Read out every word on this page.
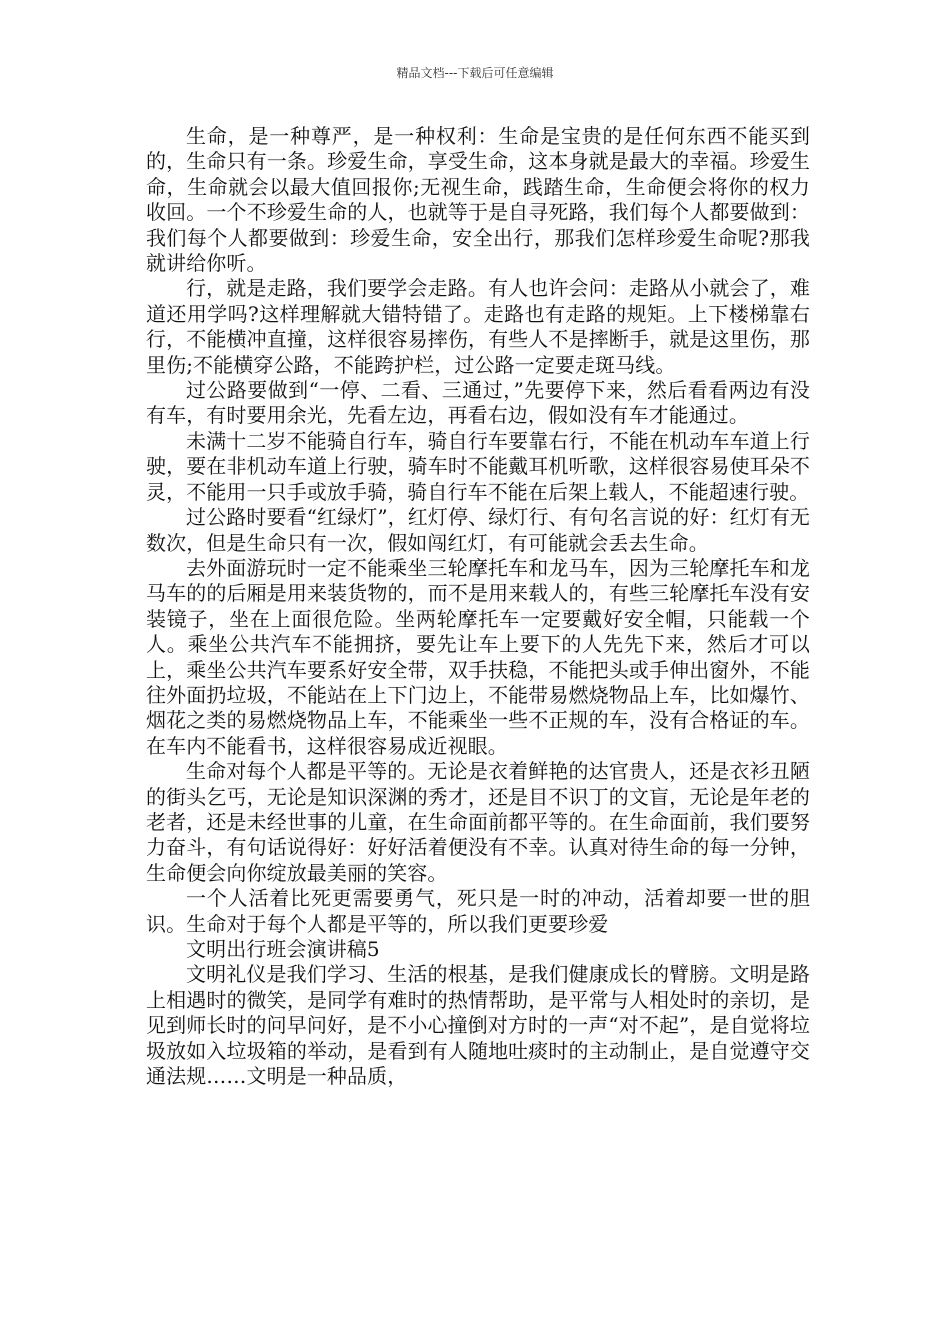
精品文档---下载后可任意编辑

生命，是一种尊严，是一种权利：生命是宝贵的是任何东西不能买到的，生命只有一条。珍爱生命，享受生命，这本身就是最大的幸福。珍爱生命，生命就会以最大值回报你;无视生命，践踏生命，生命便会将你的权力收回。一个不珍爱生命的人，也就等于是自寻死路，我们每个人都要做到：我们每个人都要做到：珍爱生命，安全出行，那我们怎样珍爱生命呢?那我就讲给你听。

行，就是走路，我们要学会走路。有人也许会问：走路从小就会了，难道还用学吗?这样理解就大错特错了。走路也有走路的规矩。上下楼梯靠右行，不能横冲直撞，这样很容易摔伤，有些人不是摔断手，就是这里伤，那里伤;不能横穿公路，不能跨护栏，过公路一定要走斑马线。

过公路要做到“一停、二看、三通过，”先要停下来，然后看看两边有没有车，有时要用余光，先看左边，再看右边，假如没有车才能通过。

未满十二岁不能骑自行车，骑自行车要靠右行，不能在机动车车道上行驶，要在非机动车道上行驶，骑车时不能戴耳机听歌，这样很容易使耳朵不灵，不能用一只手或放手骑，骑自行车不能在后架上载人，不能超速行驶。

过公路时要看“红绿灯”，红灯停、绿灯行、有句名言说的好：红灯有无数次，但是生命只有一次，假如闯红灯，有可能就会丢去生命。

去外面游玩时一定不能乘坐三轮摩托车和龙马车，因为三轮摩托车和龙马车的的后厢是用来装货物的，而不是用来载人的，有些三轮摩托车没有安装镜子，坐在上面很危险。坐两轮摩托车一定要戴好安全帽，只能载一个人。乘坐公共汽车不能拥挤，要先让车上要下的人先先下来，然后才可以上，乘坐公共汽车要系好安全带，双手扶稳，不能把头或手伸出窗外，不能往外面扔垃圾，不能站在上下门边上，不能带易燃烧物品上车，比如爆竹、烟花之类的易燃烧物品上车，不能乘坐一些不正规的车，没有合格证的车。在车内不能看书，这样很容易成近视眼。

生命对每个人都是平等的。无论是衣着鲜艳的达官贵人，还是衣衫丑陋的街头乞丐，无论是知识深渊的秀才，还是目不识丁的文盲，无论是年老的老者，还是未经世事的儿童，在生命面前都平等的。在生命面前，我们要努力奋斗，有句话说得好：好好活着便没有不幸。认真对待生命的每一分钟，生命便会向你绽放最美丽的笑容。

一个人活着比死更需要勇气，死只是一时的冲动，活着却要一世的胆识。生命对于每个人都是平等的，所以我们更要珍爱

文明出行班会演讲稿5

文明礼仪是我们学习、生活的根基，是我们健康成长的臂膀。文明是路上相遇时的微笑，是同学有难时的热情帮助，是平常与人相处时的亲切，是见到师长时的问早问好，是不小心撞倒对方时的一声“对不起”，是自觉将垃圾放如入垃圾箱的举动，是看到有人随地吐痰时的主动制止，是自觉遵守交通法规……文明是一种品质，
